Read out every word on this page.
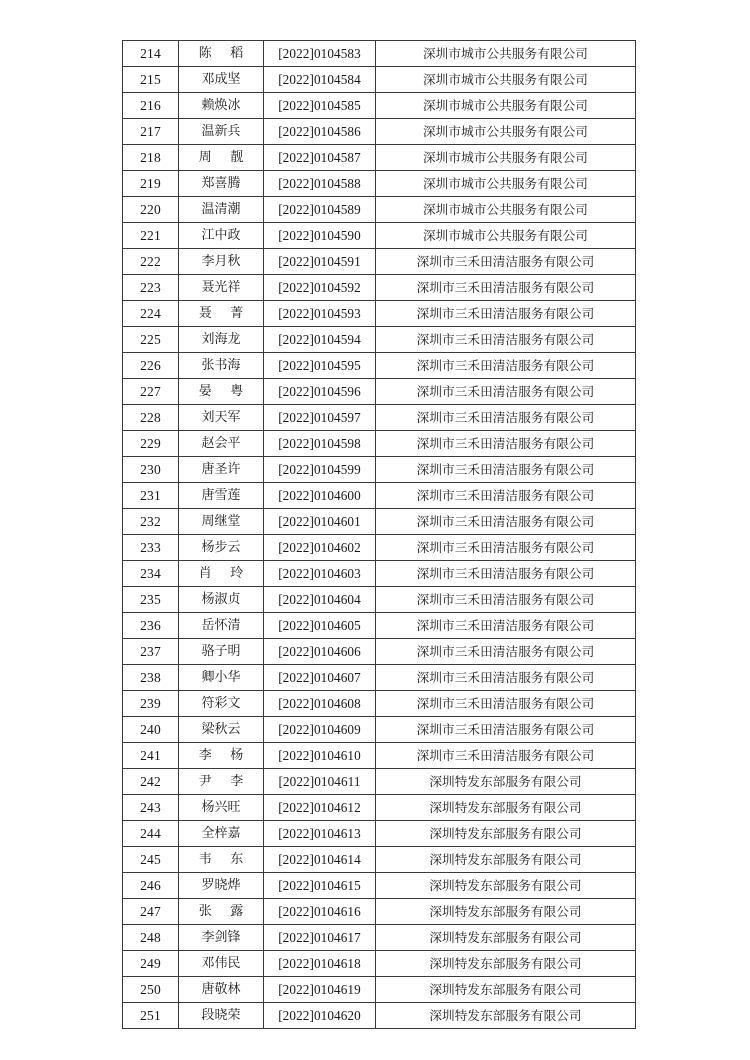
214	陈 稻	[2022]0104583	深圳市城市公共服务有限公司
215	邓成坚	[2022]0104584	深圳市城市公共服务有限公司
216	赖焕冰	[2022]0104585	深圳市城市公共服务有限公司
217	温新兵	[2022]0104586	深圳市城市公共服务有限公司
218	周 靓	[2022]0104587	深圳市城市公共服务有限公司
219	郑喜腾	[2022]0104588	深圳市城市公共服务有限公司
220	温清潮	[2022]0104589	深圳市城市公共服务有限公司
221	江中政	[2022]0104590	深圳市城市公共服务有限公司
222	李月秋	[2022]0104591	深圳市三禾田清洁服务有限公司
223	聂光祥	[2022]0104592	深圳市三禾田清洁服务有限公司
224	聂 菁	[2022]0104593	深圳市三禾田清洁服务有限公司
225	刘海龙	[2022]0104594	深圳市三禾田清洁服务有限公司
226	张书海	[2022]0104595	深圳市三禾田清洁服务有限公司
227	晏 粤	[2022]0104596	深圳市三禾田清洁服务有限公司
228	刘天军	[2022]0104597	深圳市三禾田清洁服务有限公司
229	赵会平	[2022]0104598	深圳市三禾田清洁服务有限公司
230	唐圣许	[2022]0104599	深圳市三禾田清洁服务有限公司
231	唐雪莲	[2022]0104600	深圳市三禾田清洁服务有限公司
232	周继堂	[2022]0104601	深圳市三禾田清洁服务有限公司
233	杨步云	[2022]0104602	深圳市三禾田清洁服务有限公司
234	肖 玲	[2022]0104603	深圳市三禾田清洁服务有限公司
235	杨淑贞	[2022]0104604	深圳市三禾田清洁服务有限公司
236	岳怀清	[2022]0104605	深圳市三禾田清洁服务有限公司
237	骆子明	[2022]0104606	深圳市三禾田清洁服务有限公司
238	卿小华	[2022]0104607	深圳市三禾田清洁服务有限公司
239	符彩文	[2022]0104608	深圳市三禾田清洁服务有限公司
240	梁秋云	[2022]0104609	深圳市三禾田清洁服务有限公司
241	李 杨	[2022]0104610	深圳市三禾田清洁服务有限公司
242	尹 李	[2022]0104611	深圳特发东部服务有限公司
243	杨兴旺	[2022]0104612	深圳特发东部服务有限公司
244	全梓嘉	[2022]0104613	深圳特发东部服务有限公司
245	韦 东	[2022]0104614	深圳特发东部服务有限公司
246	罗晓烨	[2022]0104615	深圳特发东部服务有限公司
247	张 露	[2022]0104616	深圳特发东部服务有限公司
248	李剑锋	[2022]0104617	深圳特发东部服务有限公司
249	邓伟民	[2022]0104618	深圳特发东部服务有限公司
250	唐敬林	[2022]0104619	深圳特发东部服务有限公司
251	段晓荣	[2022]0104620	深圳特发东部服务有限公司
